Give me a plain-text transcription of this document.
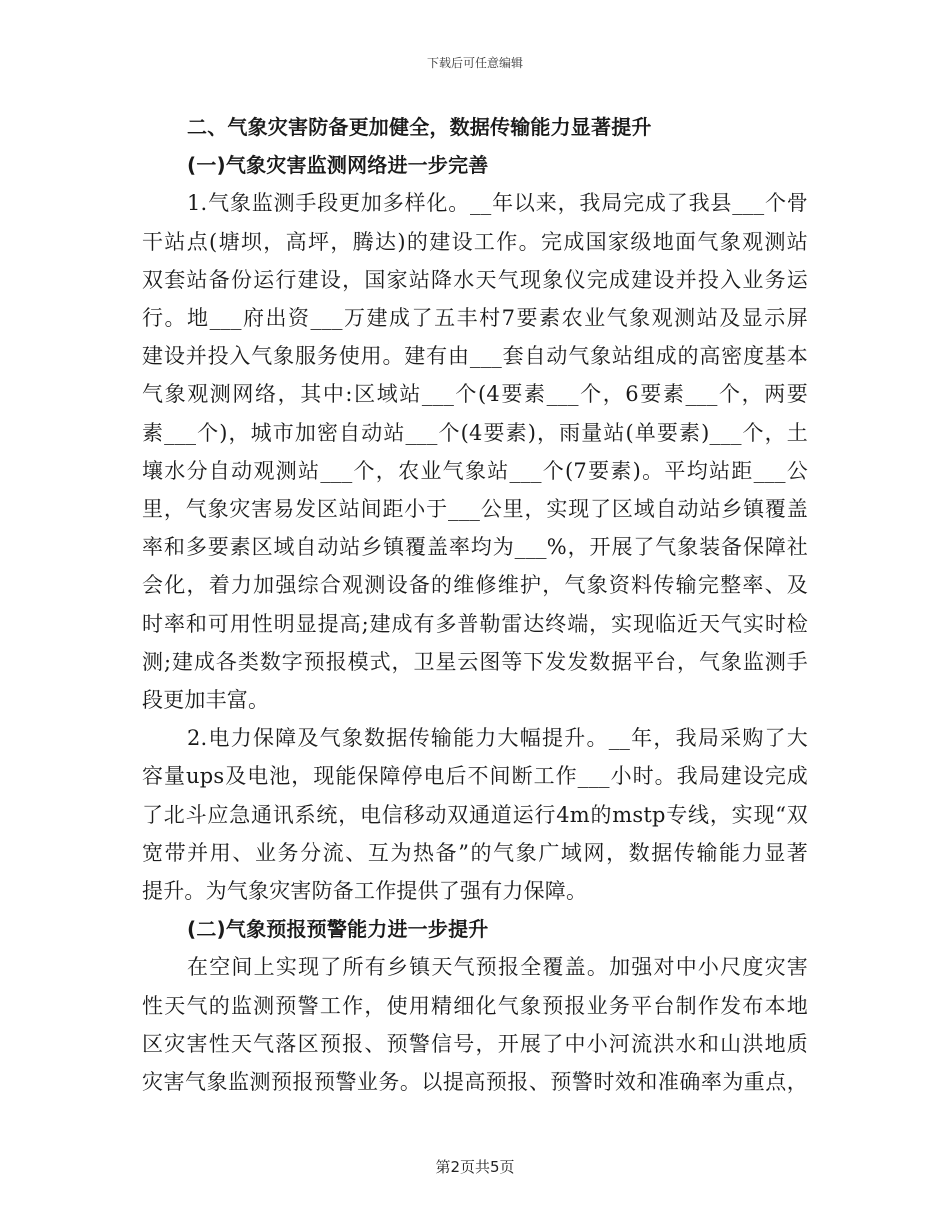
下载后可任意编辑
二、气象灾害防备更加健全，数据传输能力显著提升
(一)气象灾害监测网络进一步完善
1.气象监测手段更加多样化。__年以来，我局完成了我县___个骨
干站点(塘坝，高坪，腾达)的建设工作。完成国家级地面气象观测站
双套站备份运行建设，国家站降水天气现象仪完成建设并投入业务运
行。地___府出资___万建成了五丰村7要素农业气象观测站及显示屏
建设并投入气象服务使用。建有由___套自动气象站组成的高密度基本
气象观测网络，其中:区域站___个(4要素___个，6要素___个，两要
素___个)，城市加密自动站___个(4要素)，雨量站(单要素)___个，土
壤水分自动观测站___个，农业气象站___个(7要素)。平均站距___公
里，气象灾害易发区站间距小于___公里，实现了区域自动站乡镇覆盖
率和多要素区域自动站乡镇覆盖率均为___%，开展了气象装备保障社
会化，着力加强综合观测设备的维修维护，气象资料传输完整率、及
时率和可用性明显提高;建成有多普勒雷达终端，实现临近天气实时检
测;建成各类数字预报模式，卫星云图等下发发数据平台，气象监测手
段更加丰富。
2.电力保障及气象数据传输能力大幅提升。__年，我局采购了大
容量ups及电池，现能保障停电后不间断工作___小时。我局建设完成
了北斗应急通讯系统，电信移动双通道运行4m的mstp专线，实现“双
宽带并用、业务分流、互为热备”的气象广域网，数据传输能力显著
提升。为气象灾害防备工作提供了强有力保障。
(二)气象预报预警能力进一步提升
在空间上实现了所有乡镇天气预报全覆盖。加强对中小尺度灾害
性天气的监测预警工作，使用精细化气象预报业务平台制作发布本地
区灾害性天气落区预报、预警信号，开展了中小河流洪水和山洪地质
灾害气象监测预报预警业务。以提高预报、预警时效和准确率为重点，
第2页共5页
